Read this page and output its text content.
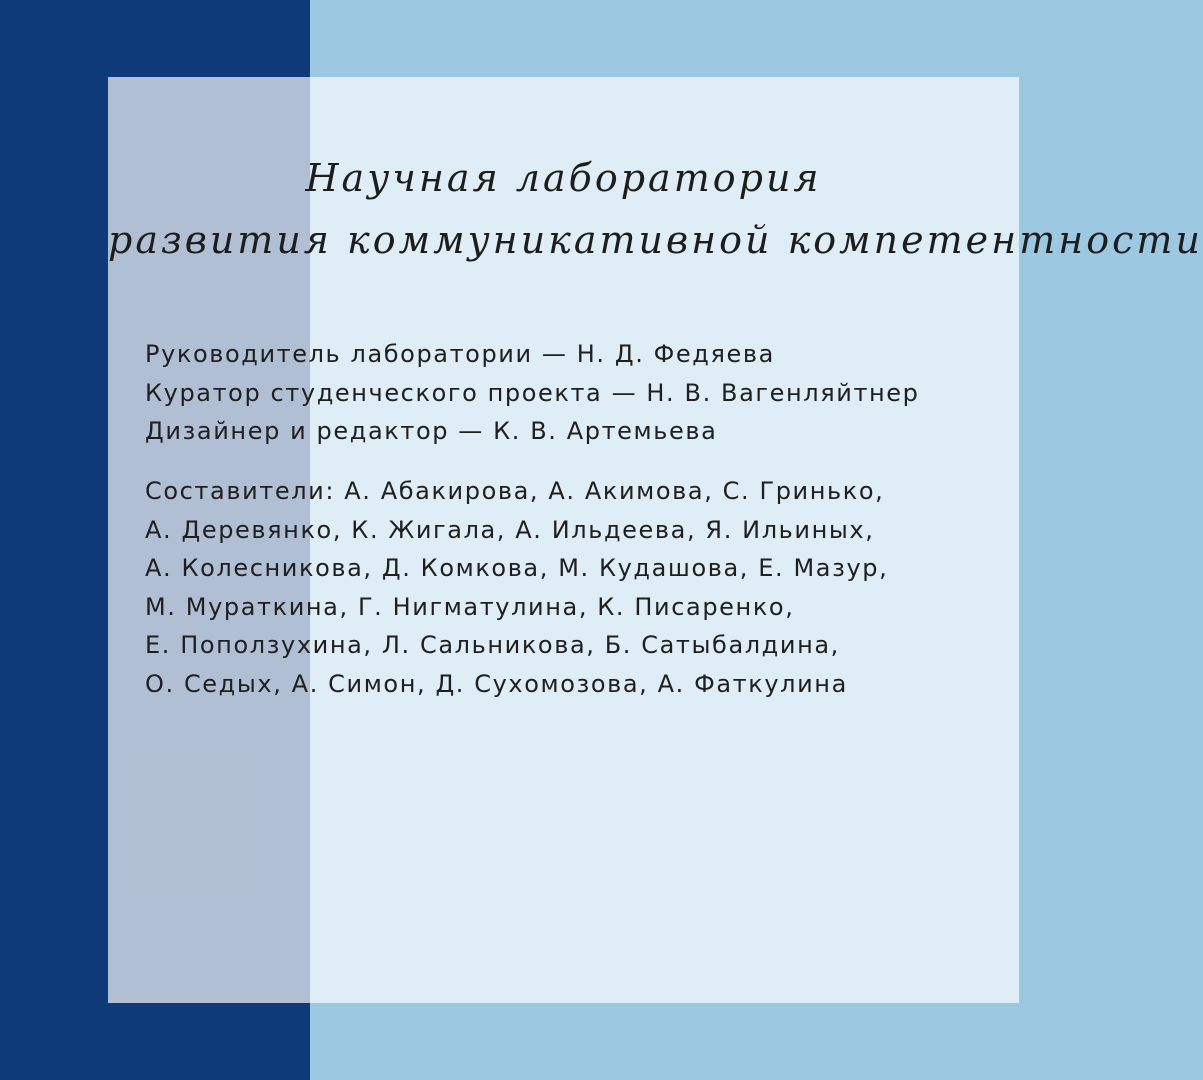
Научная лаборатория
развития коммуникативной компетентности
Руководитель лаборатории — Н. Д. Федяева
Куратор студенческого проекта — Н. В. Вагенляйтнер
Дизайнер и редактор — К. В. Артемьева
Составители: А. Абакирова, А. Акимова, С. Гринько,
А. Деревянко, К. Жигала, А. Ильдеева, Я. Ильиных,
А. Колесникова, Д. Комкова, М. Кудашова, Е. Мазур,
М. Мураткина, Г. Нигматулина, К. Писаренко,
Е. Поползухина, Л. Сальникова, Б. Сатыбалдина,
О. Седых, А. Симон, Д. Сухомозова, А. Фаткулина
